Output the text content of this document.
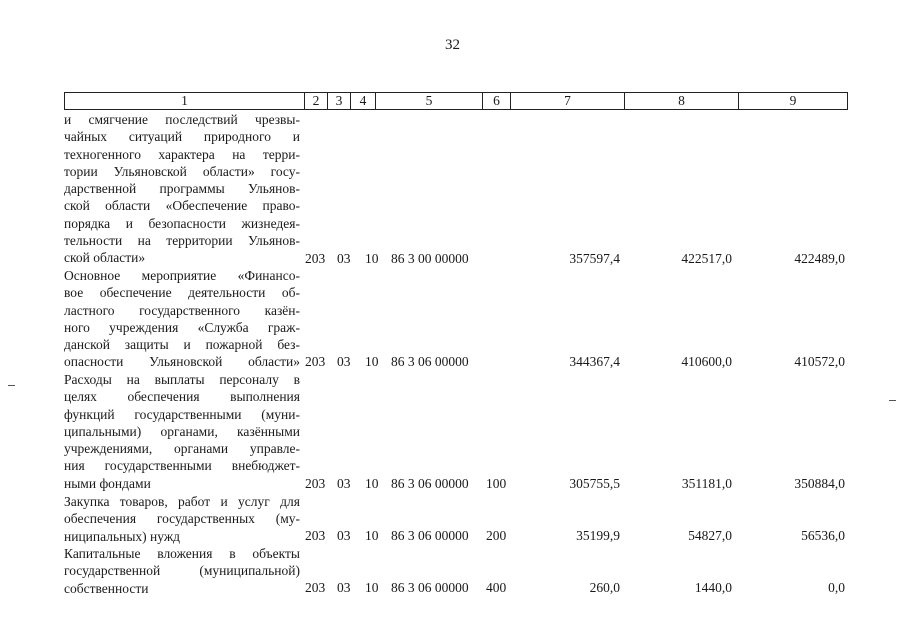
32
1	2	3	4	5	6	7	8	9
и смягчение последствий чрезвы-
чайных ситуаций природного и
техногенного характера на терри-
тории Ульяновской области» госу-
дарственной программы Ульянов-
ской области «Обеспечение право-
порядка и безопасности жизнедея-
тельности на территории Ульянов-
ской области»	203 03 10 86 3 00 00000	357597,4	422517,0	422489,0
Основное мероприятие «Финансо-
вое обеспечение деятельности об-
ластного государственного казён-
ного учреждения «Служба граж-
данской защиты и пожарной без-
опасности Ульяновской области» 203 03 10 86 3 06 00000	344367,4	410600,0	410572,0
Расходы на выплаты персоналу в
целях обеспечения выполнения
функций государственными (муни-
ципальными) органами, казёнными
учреждениями, органами управле-
ния государственными внебюджет-
ными фондами	203 03 10 86 3 06 00000 100	305755,5	351181,0	350884,0
Закупка товаров, работ и услуг для
обеспечения государственных (му-
ниципальных) нужд	203 03 10 86 3 06 00000 200	35199,9	54827,0	56536,0
Капитальные вложения в объекты
государственной (муниципальной)
собственности	203 03 10 86 3 06 00000 400	260,0	1440,0	0,0
